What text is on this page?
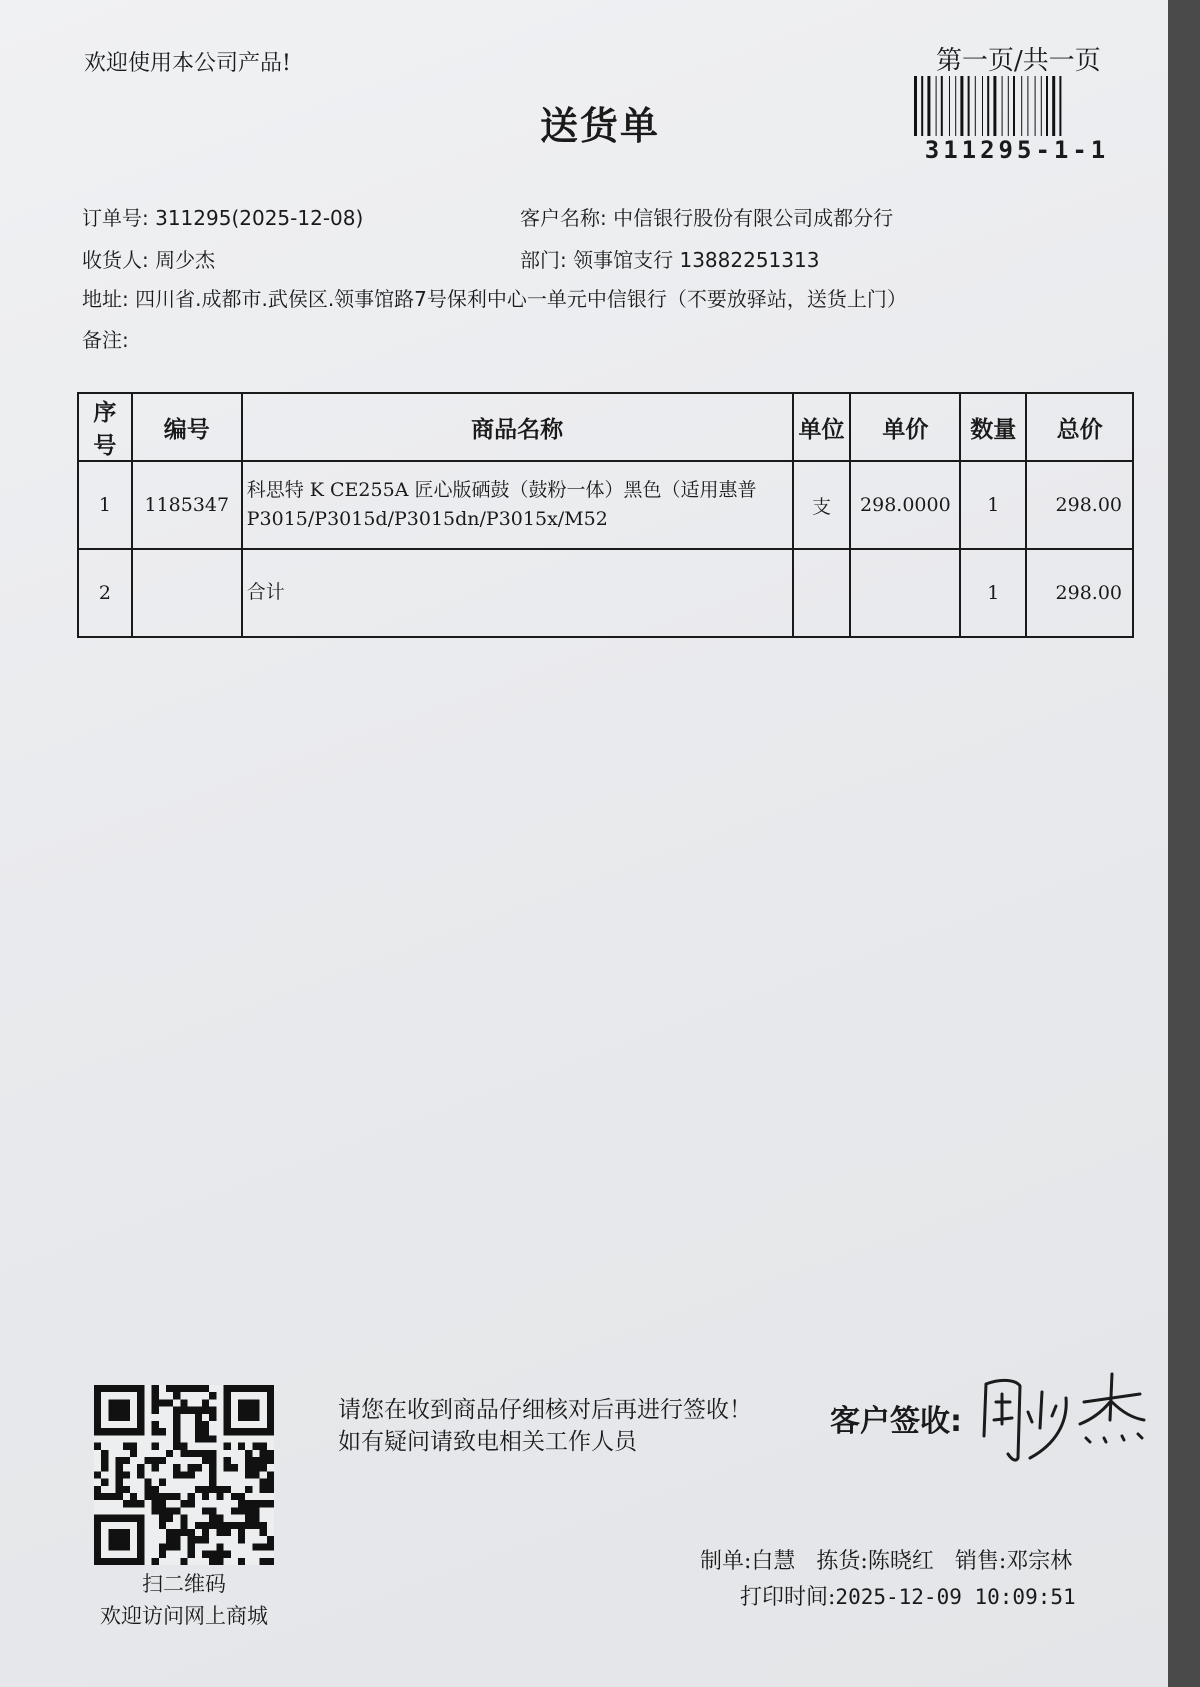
欢迎使用本公司产品!	第一页/共一页
311295-1-1
送货单
订单号: 311295(2025-12-08)	客户名称: 中信银行股份有限公司成都分行
收货人: 周少杰	部门: 领事馆支行 13882251313
地址: 四川省.成都市.武侯区.领事馆路7号保利中心一单元中信银行（不要放驿站，送货上门）
备注:
序号	编号	商品名称	单位	单价	数量	总价
1	1185347	科思特 K CE255A 匠心版硒鼓（鼓粉一体）黑色（适用惠普P3015/P3015d/P3015dn/P3015x/M52	支	298.0000	1	298.00
2		合计			1	298.00
扫二维码
欢迎访问网上商城
请您在收到商品仔细核对后再进行签收！如有疑问请致电相关工作人员
客户签收:
制单:白慧 拣货:陈晓红 销售:邓宗林
打印时间:2025-12-09 10:09:51
